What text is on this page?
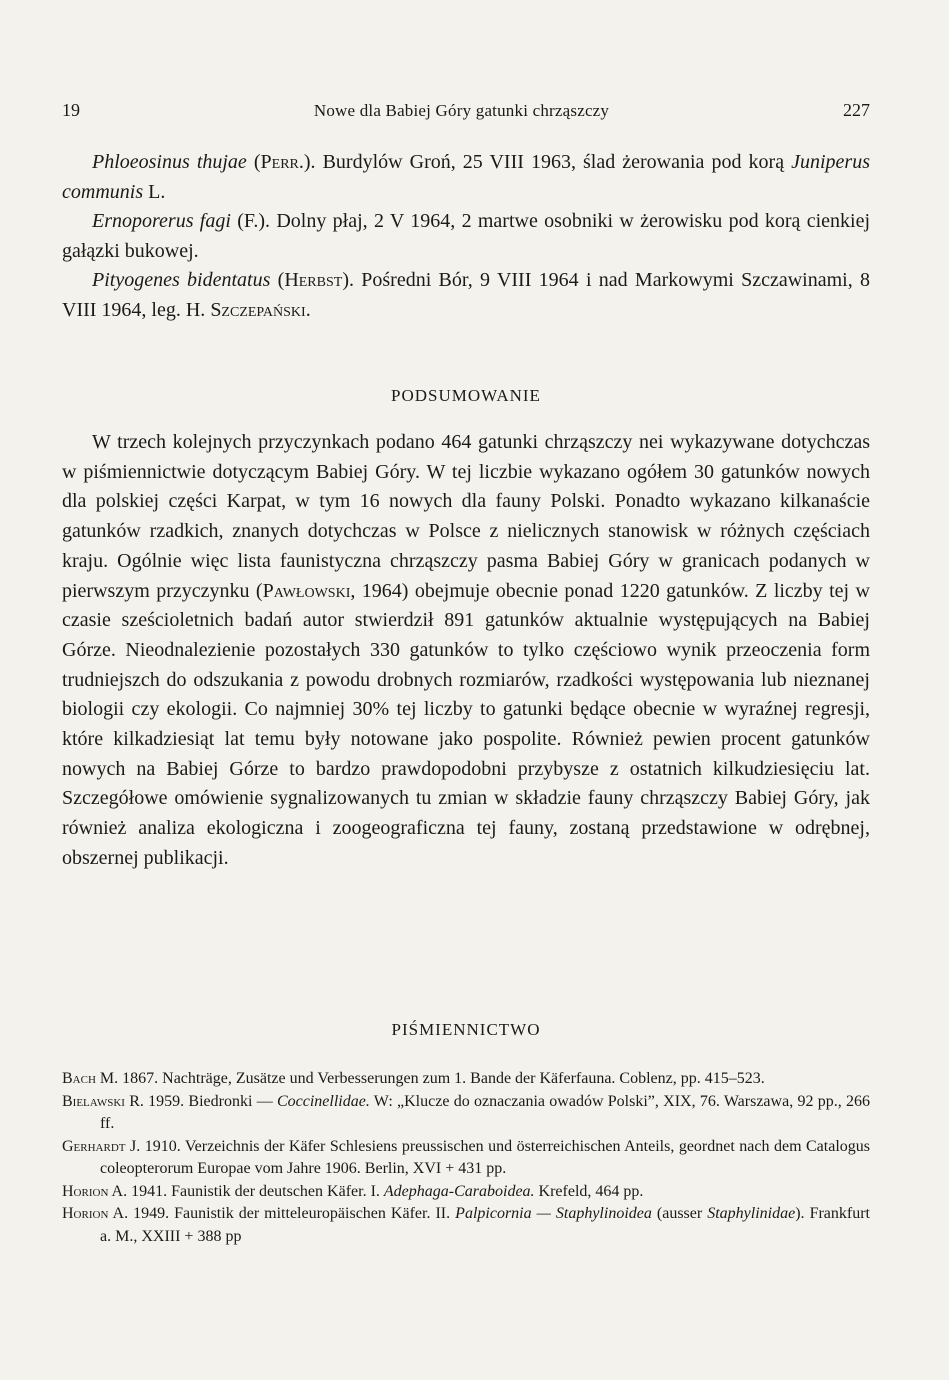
19	Nowe dla Babiej Góry gatunki chrząszczy	227

Phloeosinus thujae (Perr.). Burdylów Groń, 25 VIII 1963, ślad żerowania pod korą Juniperus communis L.

Ernoporerus fagi (F.). Dolny płaj, 2 V 1964, 2 martwe osobniki w żerowisku pod korą cienkiej gałązki bukowej.

Pityogenes bidentatus (Herbst). Pośredni Bór, 9 VIII 1964 i nad Markowymi Szczawinami, 8 VIII 1964, leg. H. Szczepański.

PODSUMOWANIE

W trzech kolejnych przyczynkach podano 464 gatunki chrząszczy nei wykazywane dotychczas w piśmiennictwie dotyczącym Babiej Góry. W tej liczbie wykazano ogółem 30 gatunków nowych dla polskiej części Karpat, w tym 16 nowych dla fauny Polski. Ponadto wykazano kilkanaście gatunków rzadkich, znanych dotychczas w Polsce z nielicznych stanowisk w różnych częściach kraju. Ogólnie więc lista faunistyczna chrząszczy pasma Babiej Góry w granicach podanych w pierwszym przyczynku (Pawłowski, 1964) obejmuje obecnie ponad 1220 gatunków. Z liczby tej w czasie sześcioletnich badań autor stwierdził 891 gatunków aktualnie występujących na Babiej Górze. Nieodnalezienie pozostałych 330 gatunków to tylko częściowo wynik przeoczenia form trudniejszch do odszukania z powodu drobnych rozmiarów, rzadkości występowania lub nieznanej biologii czy ekologii. Co najmniej 30% tej liczby to gatunki będące obecnie w wyraźnej regresji, które kilkadziesiąt lat temu były notowane jako pospolite. Również pewien procent gatunków nowych na Babiej Górze to bardzo prawdopodobni przybysze z ostatnich kilkudziesięciu lat. Szczegółowe omówienie sygnalizowanych tu zmian w składzie fauny chrząszczy Babiej Góry, jak również analiza ekologiczna i zoogeograficzna tej fauny, zostaną przedstawione w odrębnej, obszernej publikacji.

PIŚMIENNICTWO

Bach M. 1867. Nachträge, Zusätze und Verbesserungen zum 1. Bande der Käferfauna. Coblenz, pp. 415–523.

Bielawski R. 1959. Biedronki — Coccinellidae. W: „Klucze do oznaczania owadów Polski”, XIX, 76. Warszawa, 92 pp., 266 ff.

Gerhardt J. 1910. Verzeichnis der Käfer Schlesiens preussischen und österreichischen Anteils, geordnet nach dem Catalogus coleopterorum Europae vom Jahre 1906. Berlin, XVI + 431 pp.

Horion A. 1941. Faunistik der deutschen Käfer. I. Adephaga-Caraboidea. Krefeld, 464 pp.

Horion A. 1949. Faunistik der mitteleuropäischen Käfer. II. Palpicornia — Staphylinoidea (ausser Staphylinidae). Frankfurt a. M., XXIII + 388 pp
